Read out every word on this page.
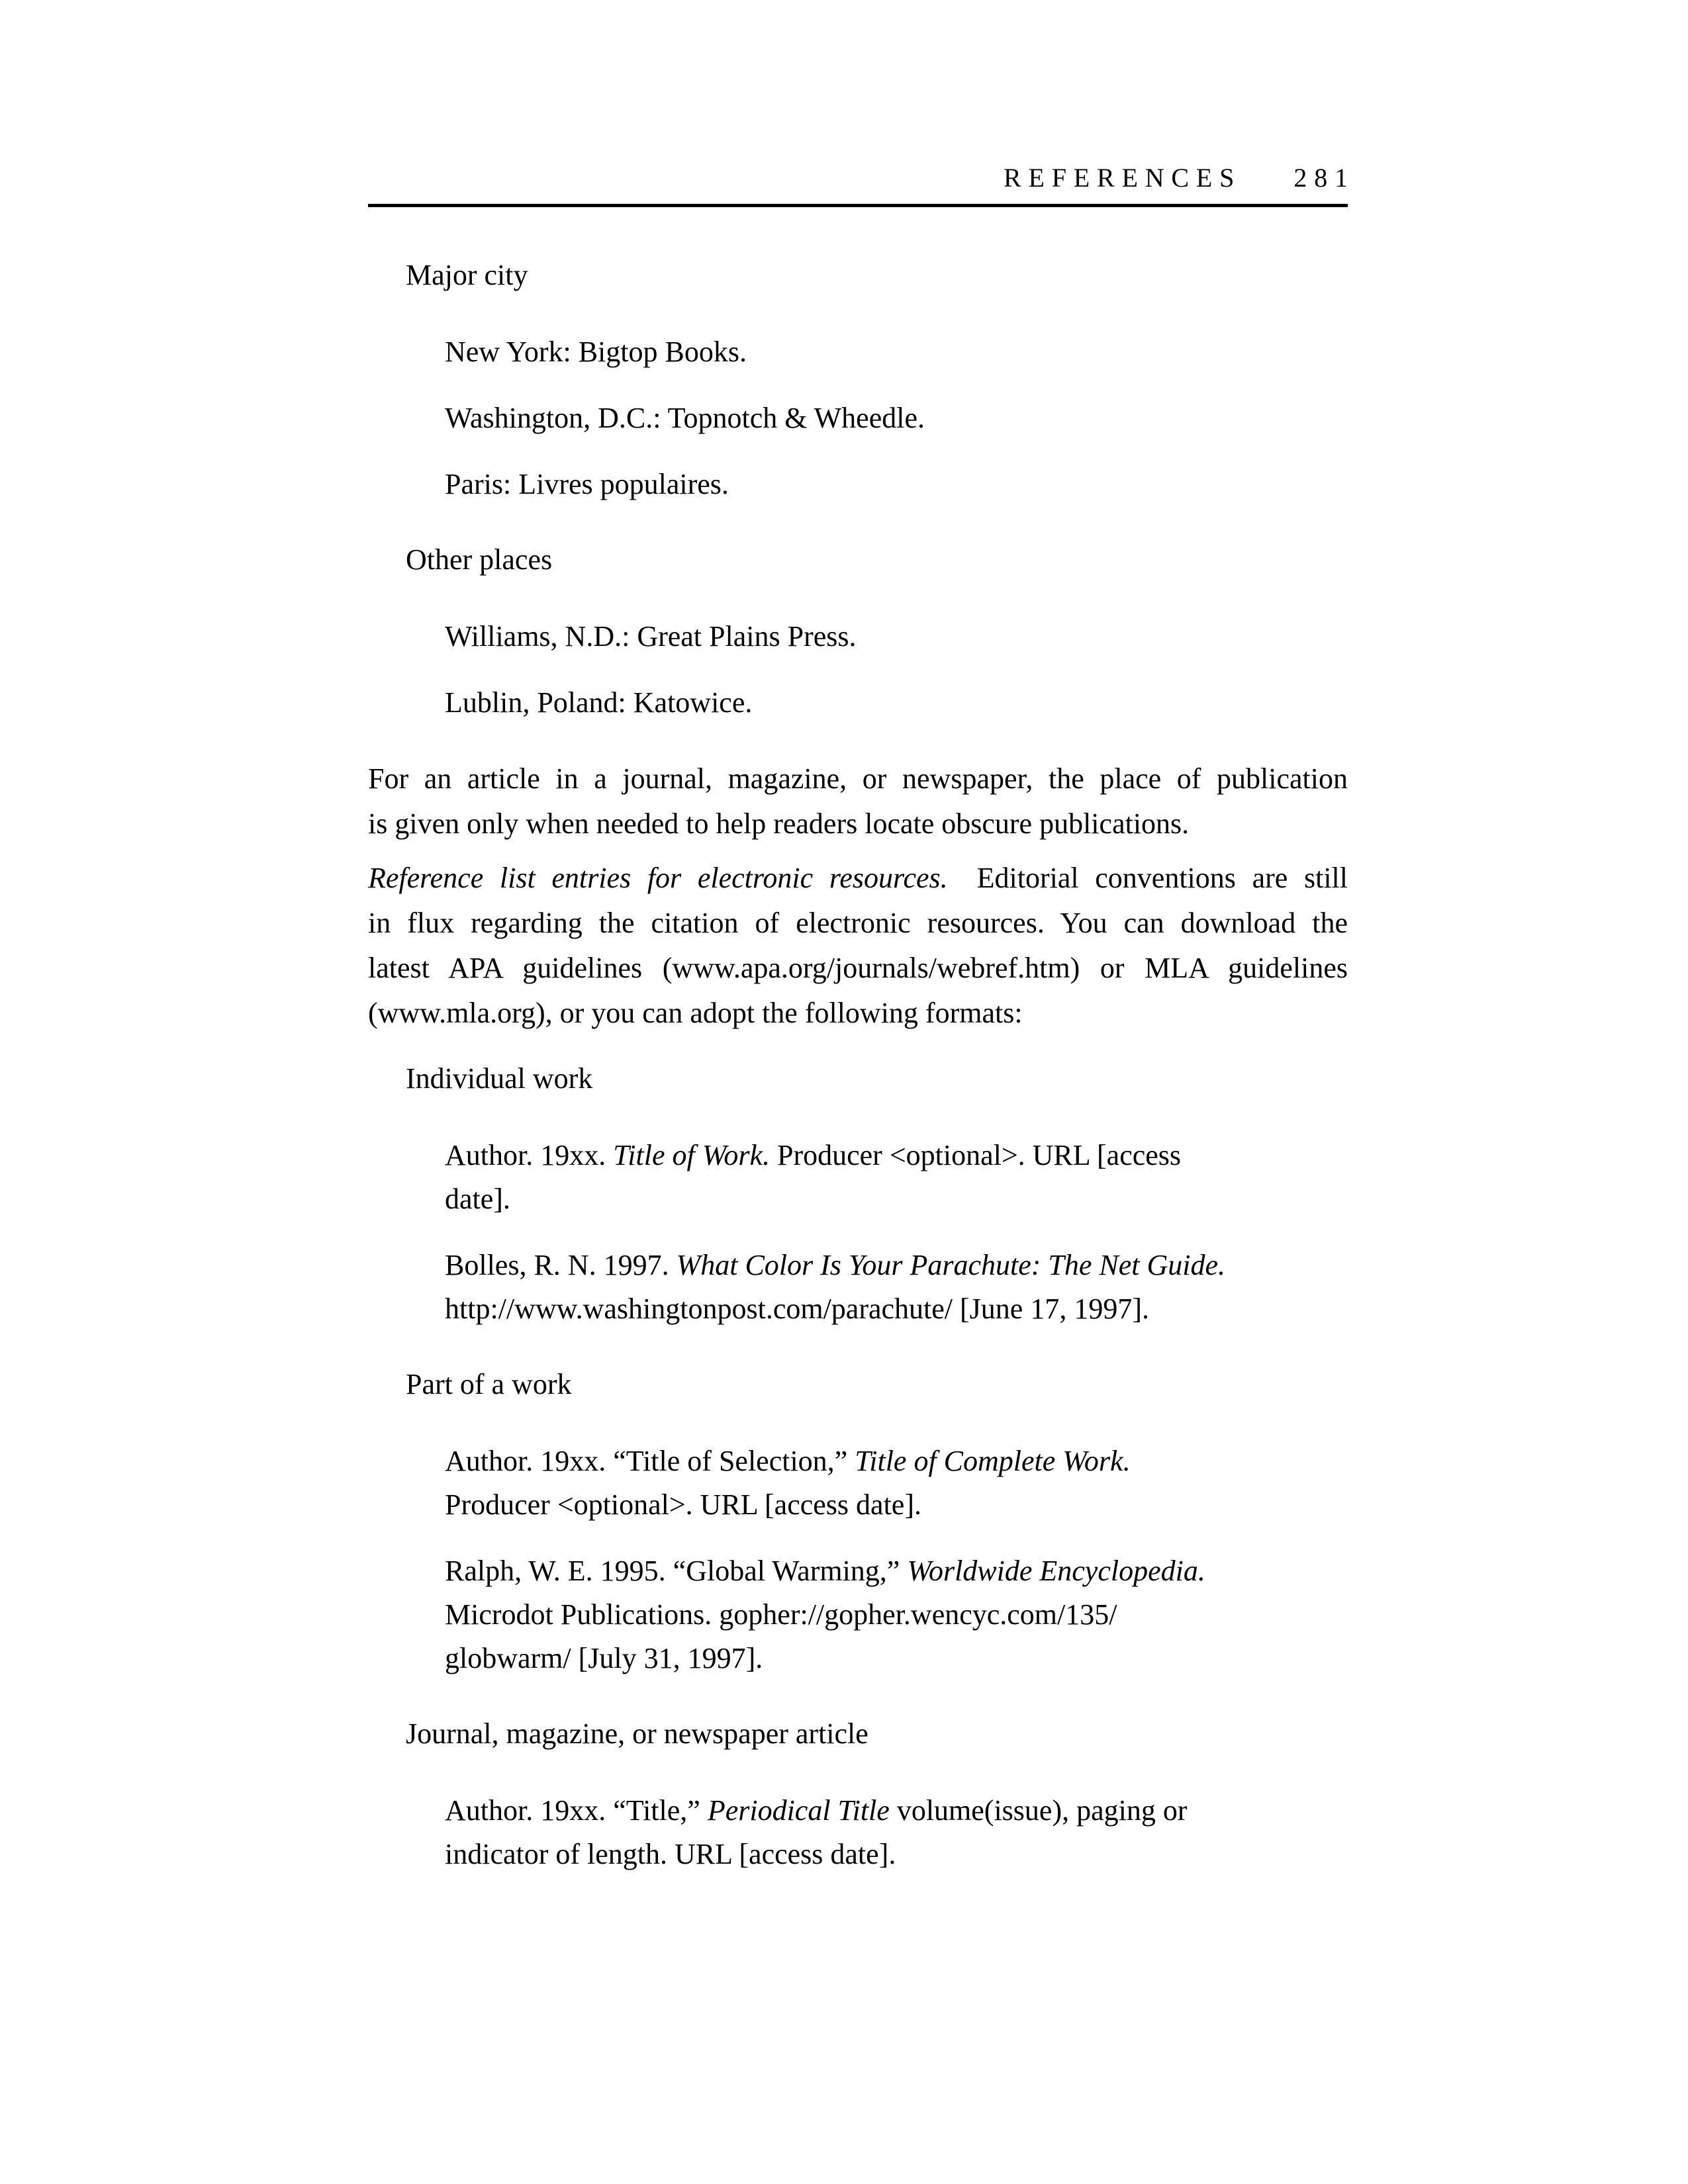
REFERENCES 281
Major city
New York: Bigtop Books.
Washington, D.C.: Topnotch & Wheedle.
Paris: Livres populaires.
Other places
Williams, N.D.: Great Plains Press.
Lublin, Poland: Katowice.
For an article in a journal, magazine, or newspaper, the place of publication
is given only when needed to help readers locate obscure publications.
Reference list entries for electronic resources. Editorial conventions are still
in flux regarding the citation of electronic resources. You can download the
latest APA guidelines (www.apa.org/journals/webref.htm) or MLA guidelines
(www.mla.org), or you can adopt the following formats:
Individual work
Author. 19xx. Title of Work. Producer <optional>. URL [access
date].
Bolles, R. N. 1997. What Color Is Your Parachute: The Net Guide.
http://www.washingtonpost.com/parachute/ [June 17, 1997].
Part of a work
Author. 19xx. “Title of Selection,” Title of Complete Work.
Producer <optional>. URL [access date].
Ralph, W. E. 1995. “Global Warming,” Worldwide Encyclopedia.
Microdot Publications. gopher://gopher.wencyc.com/135/
globwarm/ [July 31, 1997].
Journal, magazine, or newspaper article
Author. 19xx. “Title,” Periodical Title volume(issue), paging or
indicator of length. URL [access date].
